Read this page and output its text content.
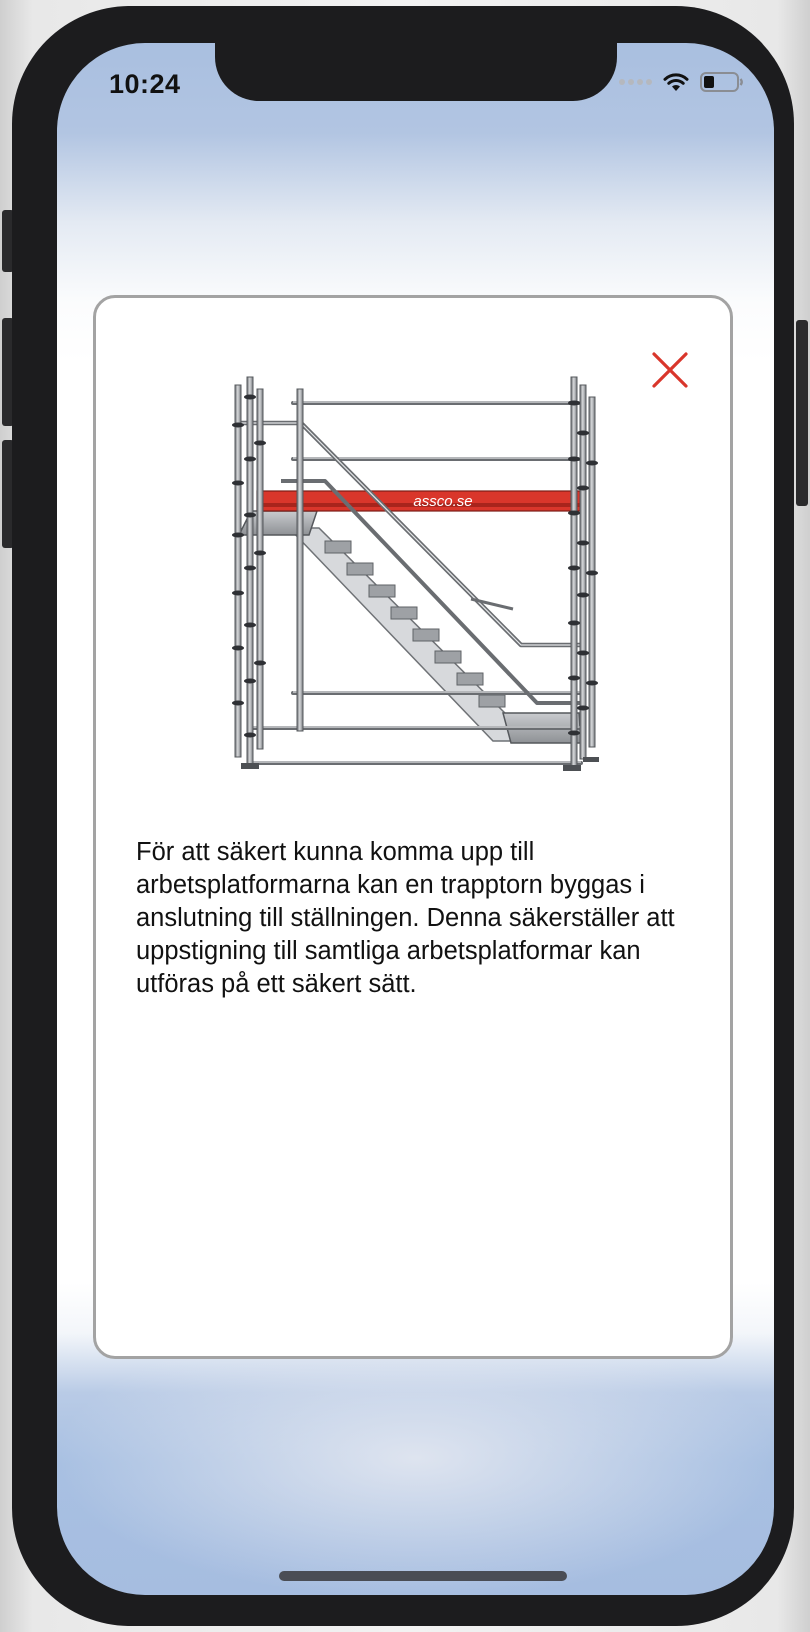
10:24
assco.se

För att säkert kunna komma upp till arbetsplatformarna kan en trapptorn byggas i anslutning till ställningen. Denna säkerställer att uppstigning till samtliga arbetsplatformar kan utföras på ett säkert sätt.
